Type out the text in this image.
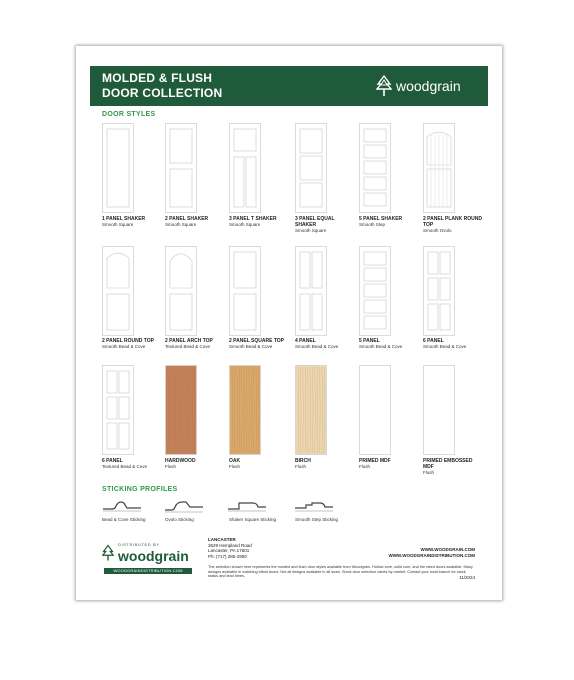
MOLDED & FLUSH
DOOR COLLECTION	woodgrain
DOOR STYLES
1 PANEL SHAKER
Smooth Square
2 PANEL SHAKER
Smooth Square
3 PANEL T SHAKER
Smooth Square
3 PANEL EQUAL SHAKER
Smooth Square
5 PANEL SHAKER
Smooth Step
2 PANEL PLANK ROUND TOP
Smooth Ovolo
2 PANEL ROUND TOP
Smooth Bead & Cove
2 PANEL ARCH TOP
Textured Bead & Cove
2 PANEL SQUARE TOP
Smooth Bead & Cove
4 PANEL
Smooth Bead & Cove
5 PANEL
Smooth Bead & Cove
6 PANEL
Smooth Bead & Cove
6 PANEL
Textured Bead & Cove
HARDWOOD
Flush
OAK
Flush
BIRCH
Flush
PRIMED MDF
Flush
PRIMED EMBOSSED MDF
Flush
STICKING PROFILES
Bead & Cove Sticking	Ovolo Sticking	Shaker Square Sticking	Smooth Step Sticking
DISTRIBUTED BY
woodgrain
WOODGRAINDISTRIBUTION.COM
LANCASTER
3629 Hempland Road
Lancaster, PA 17601
Ph: (717) 285-2900
WWW.WOODGRAIN.COM
WWW.WOODGRAINDISTRIBUTION.COM
The selection shown here represents the molded and flush door styles available from Woodgrain. Hollow core, solid core, and fire rated doors available. Many designs available in matching bifold doors. Not all designs available in all sizes. Stock door selection varies by market. Contact your local branch for stock status and lead times.	11/2024
